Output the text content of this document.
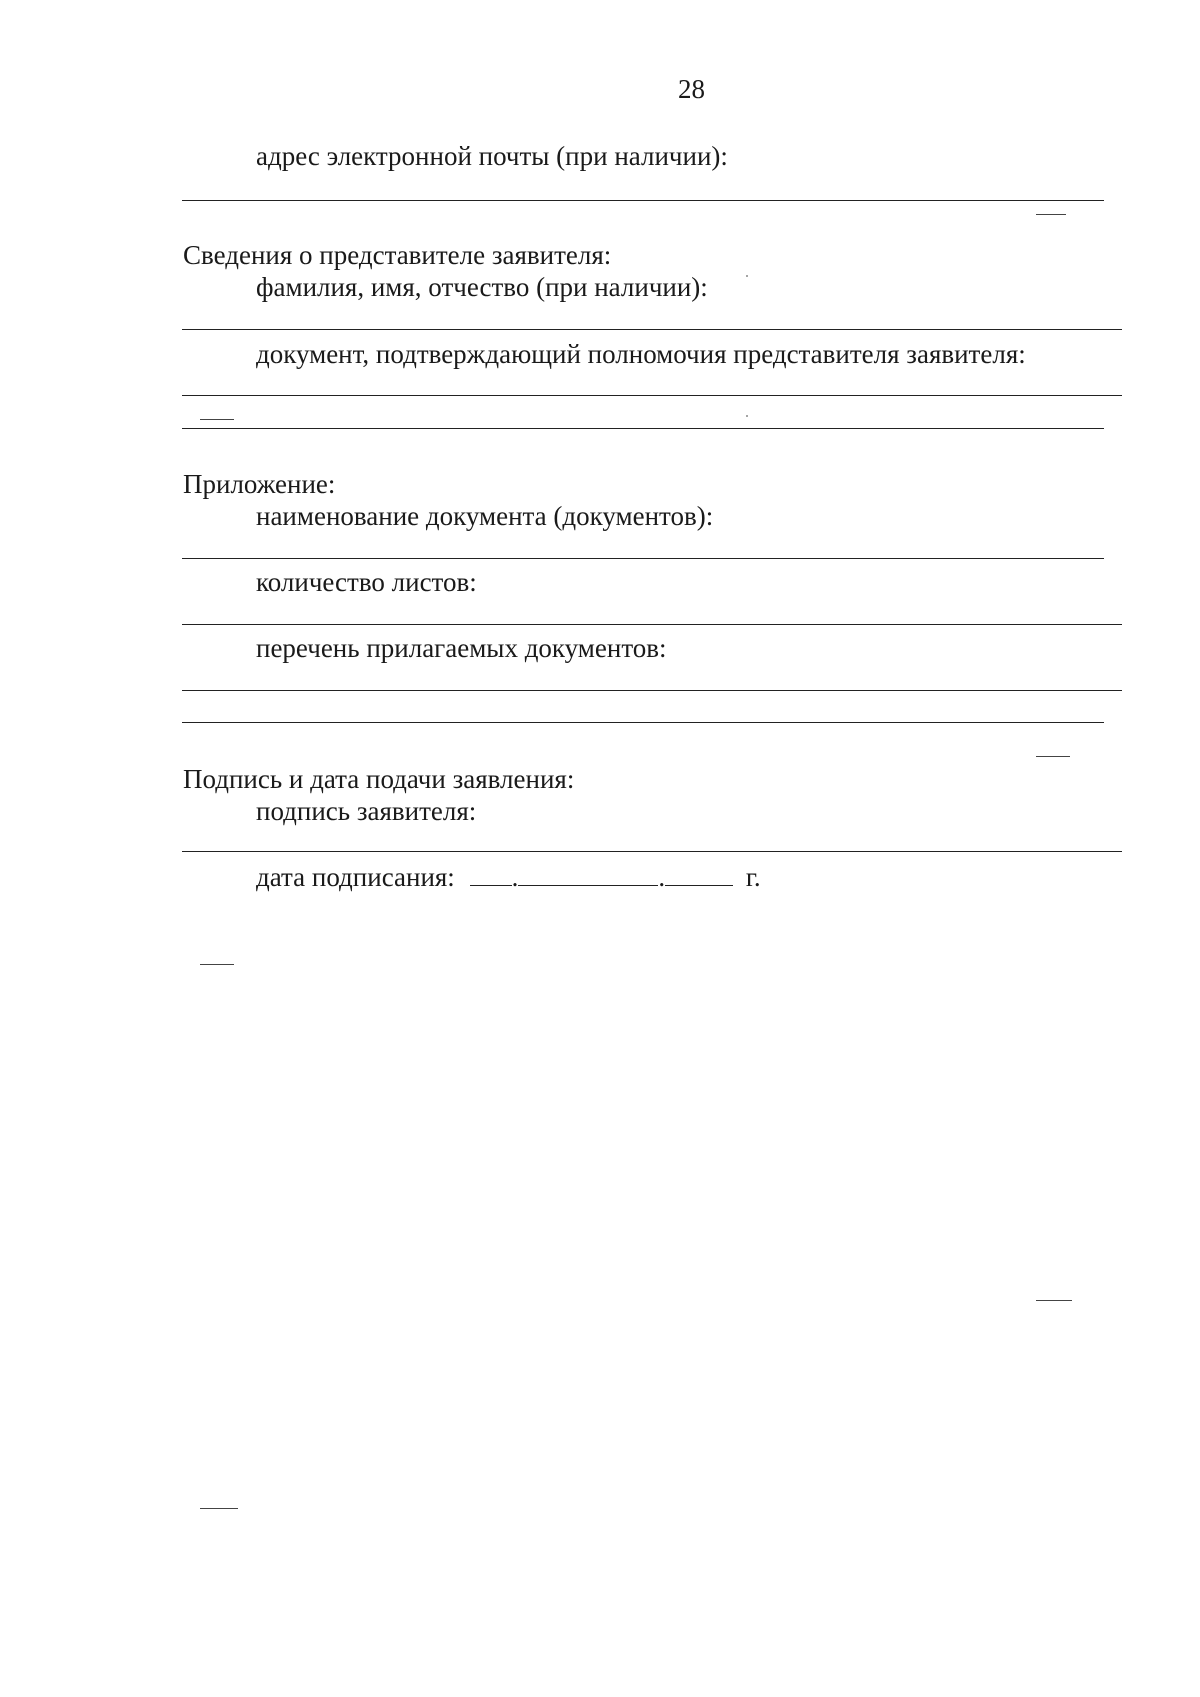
28
адрес электронной почты (при наличии):
Сведения о представителе заявителя:
фамилия, имя, отчество (при наличии):
документ, подтверждающий полномочия представителя заявителя:
Приложение:
наименование документа (документов):
количество листов:
перечень прилагаемых документов:
Подпись и дата подачи заявления:
подпись заявителя:
дата подписания: .	.	г.
